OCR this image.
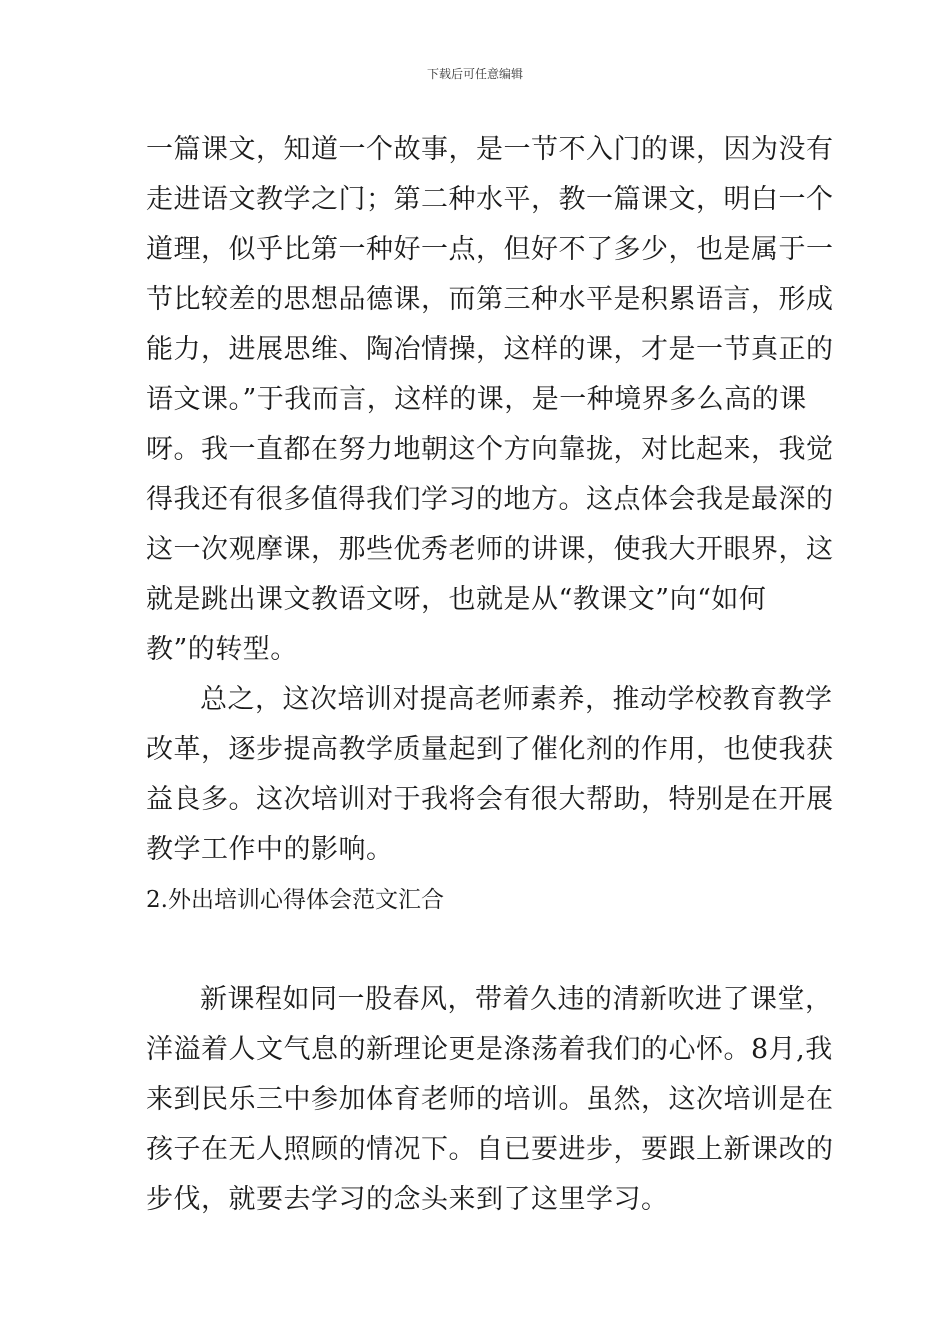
下载后可任意编辑
一篇课文，知道一个故事，是一节不入门的课，因为没有
走进语文教学之门；第二种水平，教一篇课文，明白一个
道理，似乎比第一种好一点，但好不了多少，也是属于一
节比较差的思想品德课，而第三种水平是积累语言，形成
能力，进展思维、陶冶情操，这样的课，才是一节真正的
语文课。”于我而言，这样的课，是一种境界多么高的课
呀。我一直都在努力地朝这个方向靠拢，对比起来，我觉
得我还有很多值得我们学习的地方。这点体会我是最深的
这一次观摩课，那些优秀老师的讲课，使我大开眼界，这
就是跳出课文教语文呀，也就是从“教课文”向“如何
教”的转型。
总之，这次培训对提高老师素养，推动学校教育教学
改革，逐步提高教学质量起到了催化剂的作用，也使我获
益良多。这次培训对于我将会有很大帮助，特别是在开展
教学工作中的影响。
2.外出培训心得体会范文汇合
新课程如同一股春风，带着久违的清新吹进了课堂，
洋溢着人文气息的新理论更是涤荡着我们的心怀。8月,我
来到民乐三中参加体育老师的培训。虽然，这次培训是在
孩子在无人照顾的情况下。自已要进步，要跟上新课改的
步伐，就要去学习的念头来到了这里学习。
